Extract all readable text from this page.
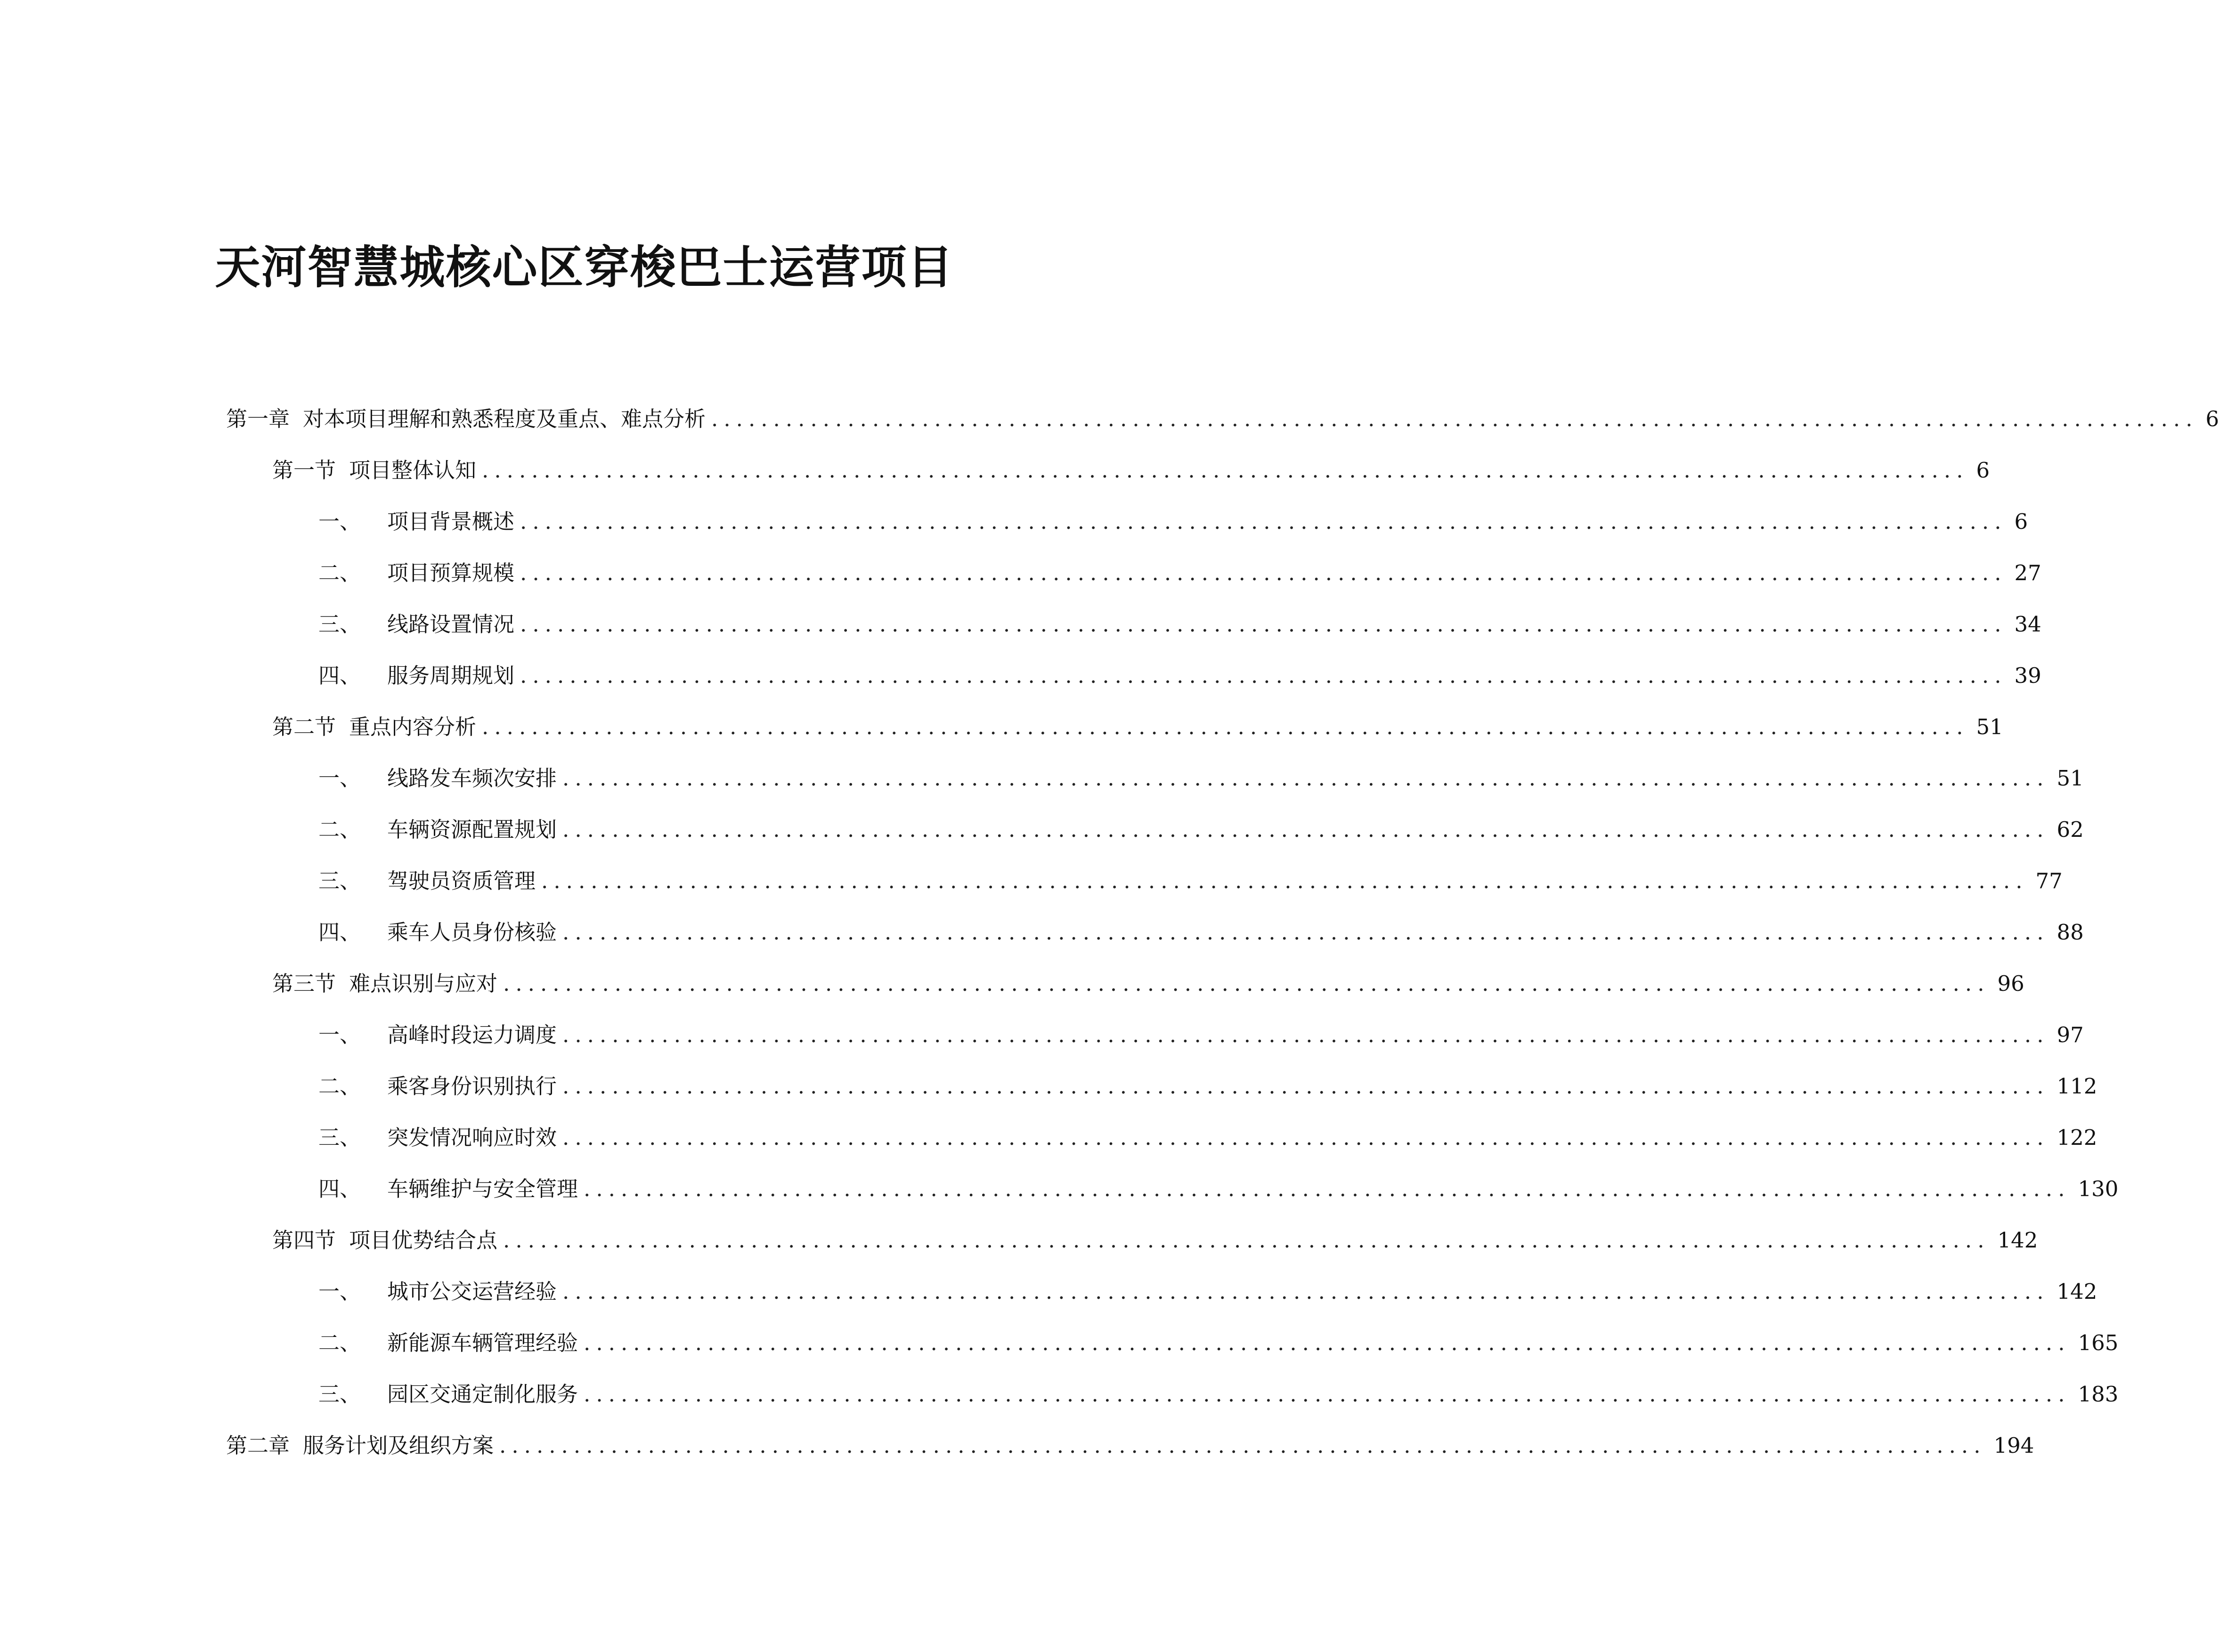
天河智慧城核心区穿梭巴士运营项目
第一章 对本项目理解和熟悉程度及重点、难点分析 ........................................................................................................................ 6
第一节 项目整体认知 ........................................................................................................................ 6
一、 项目背景概述 ........................................................................................................................ 6
二、 项目预算规模 ........................................................................................................................ 27
三、 线路设置情况 ........................................................................................................................ 34
四、 服务周期规划 ........................................................................................................................ 39
第二节 重点内容分析 ........................................................................................................................ 51
一、 线路发车频次安排 ........................................................................................................................ 51
二、 车辆资源配置规划 ........................................................................................................................ 62
三、 驾驶员资质管理 ........................................................................................................................ 77
四、 乘车人员身份核验 ........................................................................................................................ 88
第三节 难点识别与应对 ........................................................................................................................ 96
一、 高峰时段运力调度 ........................................................................................................................ 97
二、 乘客身份识别执行 ........................................................................................................................ 112
三、 突发情况响应时效 ........................................................................................................................ 122
四、 车辆维护与安全管理 ........................................................................................................................ 130
第四节 项目优势结合点 ........................................................................................................................ 142
一、 城市公交运营经验 ........................................................................................................................ 142
二、 新能源车辆管理经验 ........................................................................................................................ 165
三、 园区交通定制化服务 ........................................................................................................................ 183
第二章 服务计划及组织方案 ........................................................................................................................ 194
